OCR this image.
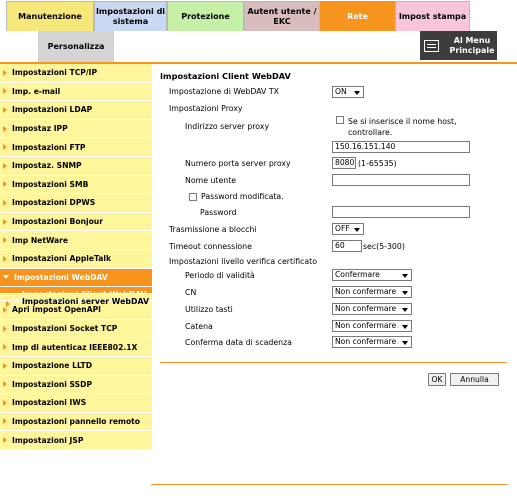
Manutenzione
Impostazioni di sistema
Protezione
Autent utente / EKC
Rete	Impost stampa
Personalizza
Al Menu Principale
Impostazioni TCP/IP
Imp. e-mail
Impostazioni LDAP
Impostaz IPP
Impostazioni FTP
Impostaz. SNMP
Impostazioni SMB
Impostazioni DPWS
Impostazioni Bonjour
Imp NetWare
Impostazioni AppleTalk
Impostazioni WebDAV
Impostazioni server WebDAV
Apri impost OpenAPI
Impostazioni Socket TCP
Imp di autenticaz IEEE802.1X
Impostazione LLTD
Impostazioni SSDP
Impostazioni IWS
Impostazioni pannello remoto
Impostazioni JSP
Impostazioni Client WebDAV
Impostazione di WebDAV TX	ON
Impostazioni Proxy
Indirizzo server proxy
Se si inserisce il nome host, controllare.
150.16.151.140
Numero porta server proxy	8080 (1-65535)
Nome utente
Password modificata.
Password
Trasmissione a blocchi	OFF
Timeout connessione	60	sec(5-300)
Impostazioni livello verifica certificato
Periodo di validità	Confermare
CN	Non confermare
Utilizzo tasti	Non confermare
Catena	Non confermare
Conferma data di scadenza	Non confermare
OK	Annulla
